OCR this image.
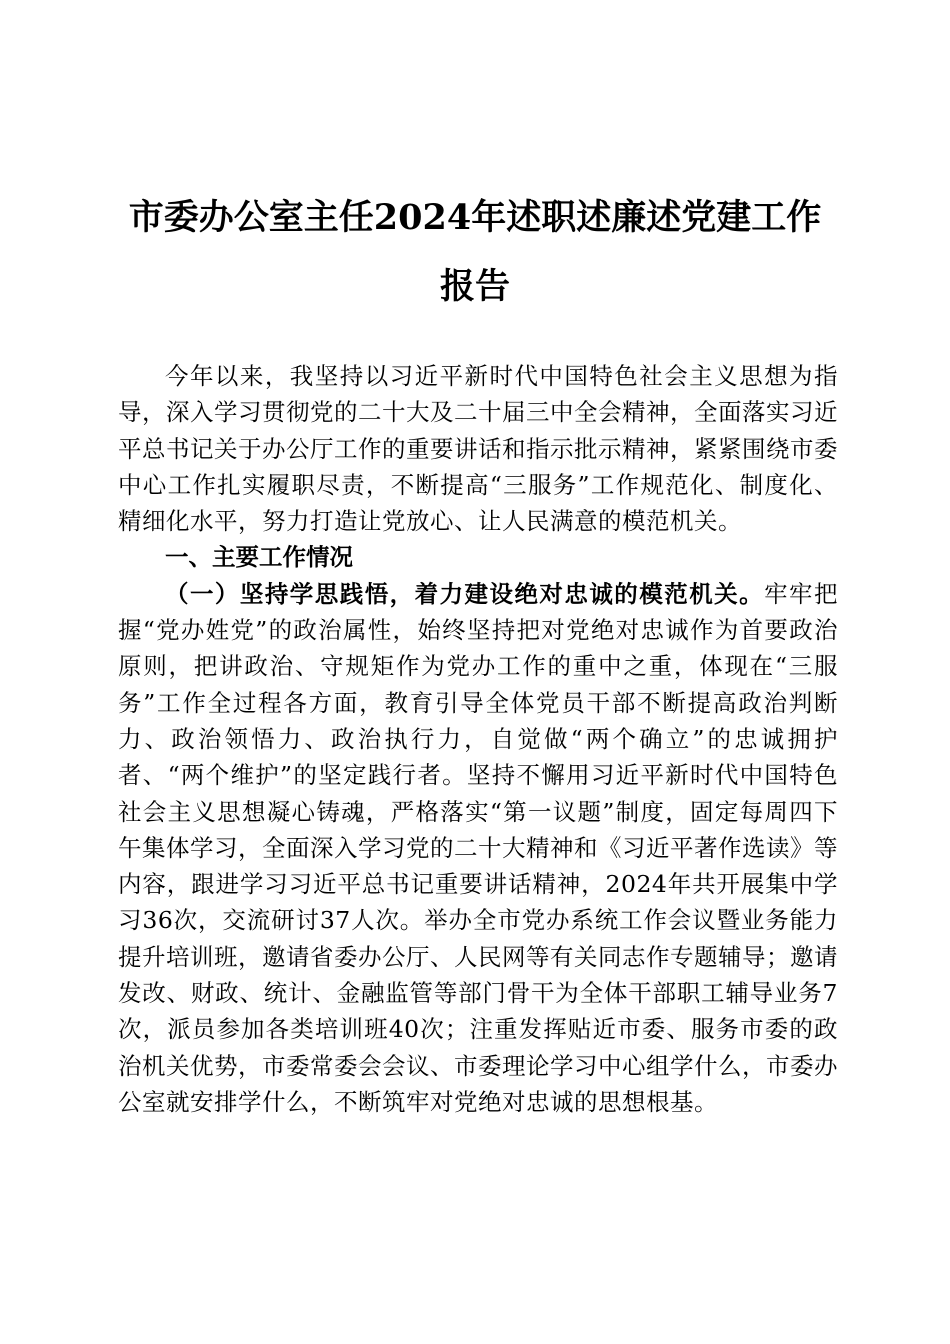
市委办公室主任2024年述职述廉述党建工作
报告

今年以来，我坚持以习近平新时代中国特色社会主义思想为指导，深入学习贯彻党的二十大及二十届三中全会精神，全面落实习近平总书记关于办公厅工作的重要讲话和指示批示精神，紧紧围绕市委中心工作扎实履职尽责，不断提高“三服务”工作规范化、制度化、精细化水平，努力打造让党放心、让人民满意的模范机关。

一、主要工作情况

（一）坚持学思践悟，着力建设绝对忠诚的模范机关。牢牢把握“党办姓党”的政治属性，始终坚持把对党绝对忠诚作为首要政治原则，把讲政治、守规矩作为党办工作的重中之重，体现在“三服务”工作全过程各方面，教育引导全体党员干部不断提高政治判断力、政治领悟力、政治执行力，自觉做“两个确立”的忠诚拥护者、“两个维护”的坚定践行者。坚持不懈用习近平新时代中国特色社会主义思想凝心铸魂，严格落实“第一议题”制度，固定每周四下午集体学习，全面深入学习党的二十大精神和《习近平著作选读》等内容，跟进学习习近平总书记重要讲话精神，2024年共开展集中学习36次，交流研讨37人次。举办全市党办系统工作会议暨业务能力提升培训班，邀请省委办公厅、人民网等有关同志作专题辅导；邀请发改、财政、统计、金融监管等部门骨干为全体干部职工辅导业务7次，派员参加各类培训班40次；注重发挥贴近市委、服务市委的政治机关优势，市委常委会会议、市委理论学习中心组学什么，市委办公室就安排学什么，不断筑牢对党绝对忠诚的思想根基。
